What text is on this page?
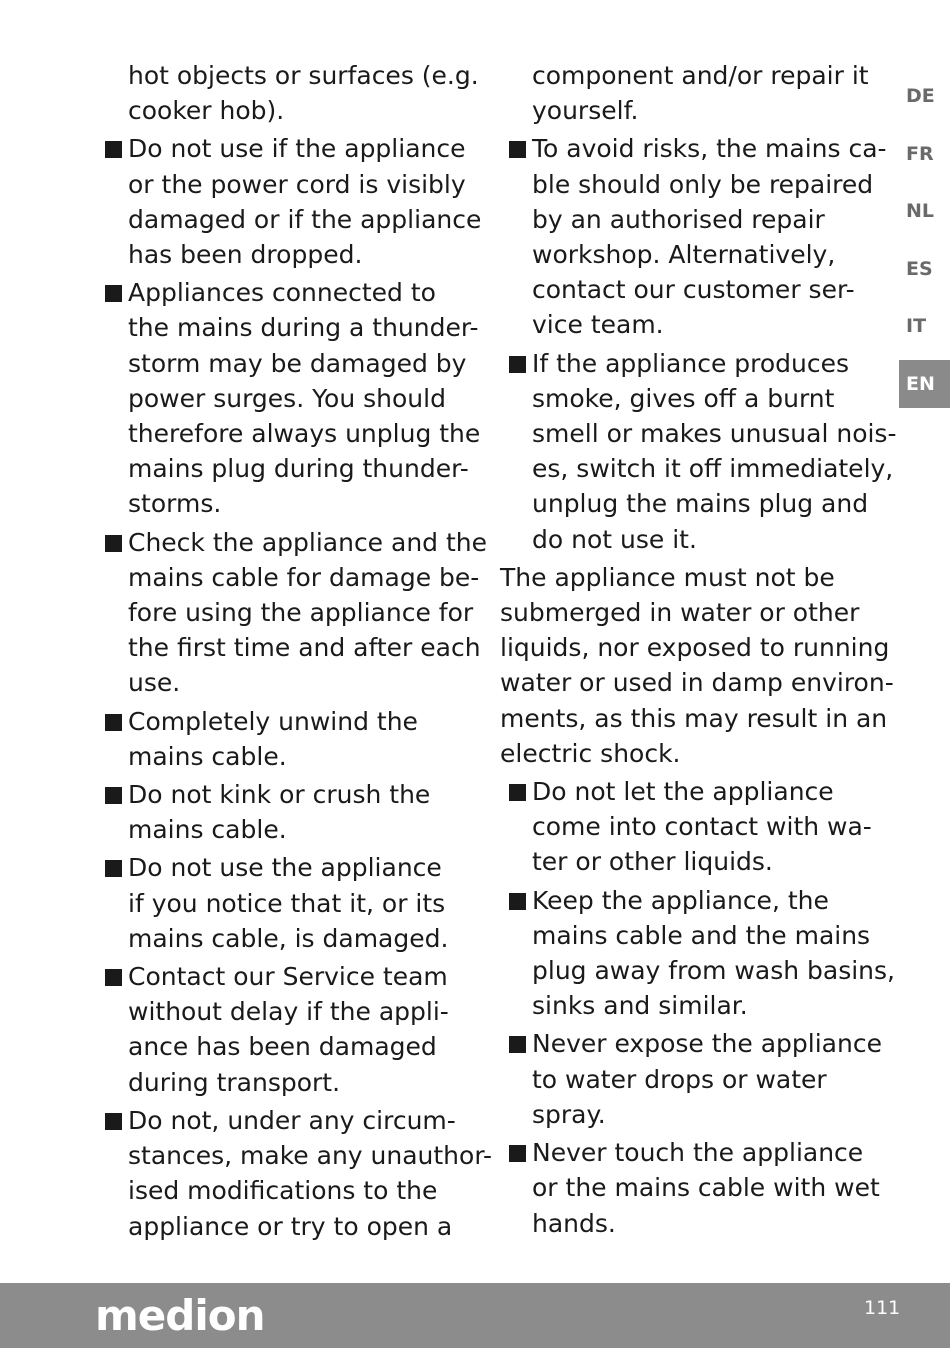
hot objects or surfaces (e.g.
cooker hob).
Do not use if the appliance
or the power cord is visibly
damaged or if the appliance
has been dropped.
Appliances connected to
the mains during a thunder-
storm may be damaged by
power surges. You should
therefore always unplug the
mains plug during thunder-
storms.
Check the appliance and the
mains cable for damage be-
fore using the appliance for
the first time and after each
use.
Completely unwind the
mains cable.
Do not kink or crush the
mains cable.
Do not use the appliance
if you notice that it, or its
mains cable, is damaged.
Contact our Service team
without delay if the appli-
ance has been damaged
during transport.
Do not, under any circum-
stances, make any unauthor-
ised modifications to the
appliance or try to open a
component and/or repair it
yourself.
To avoid risks, the mains ca-
ble should only be repaired
by an authorised repair
workshop. Alternatively,
contact our customer ser-
vice team.
If the appliance produces
smoke, gives off a burnt
smell or makes unusual nois-
es, switch it off immediately,
unplug the mains plug and
do not use it.
The appliance must not be
submerged in water or other
liquids, nor exposed to running
water or used in damp environ-
ments, as this may result in an
electric shock.
Do not let the appliance
come into contact with wa-
ter or other liquids.
Keep the appliance, the
mains cable and the mains
plug away from wash basins,
sinks and similar.
Never expose the appliance
to water drops or water
spray.
Never touch the appliance
or the mains cable with wet
hands.
DE
FR
NL
ES
IT
EN
medion	111
